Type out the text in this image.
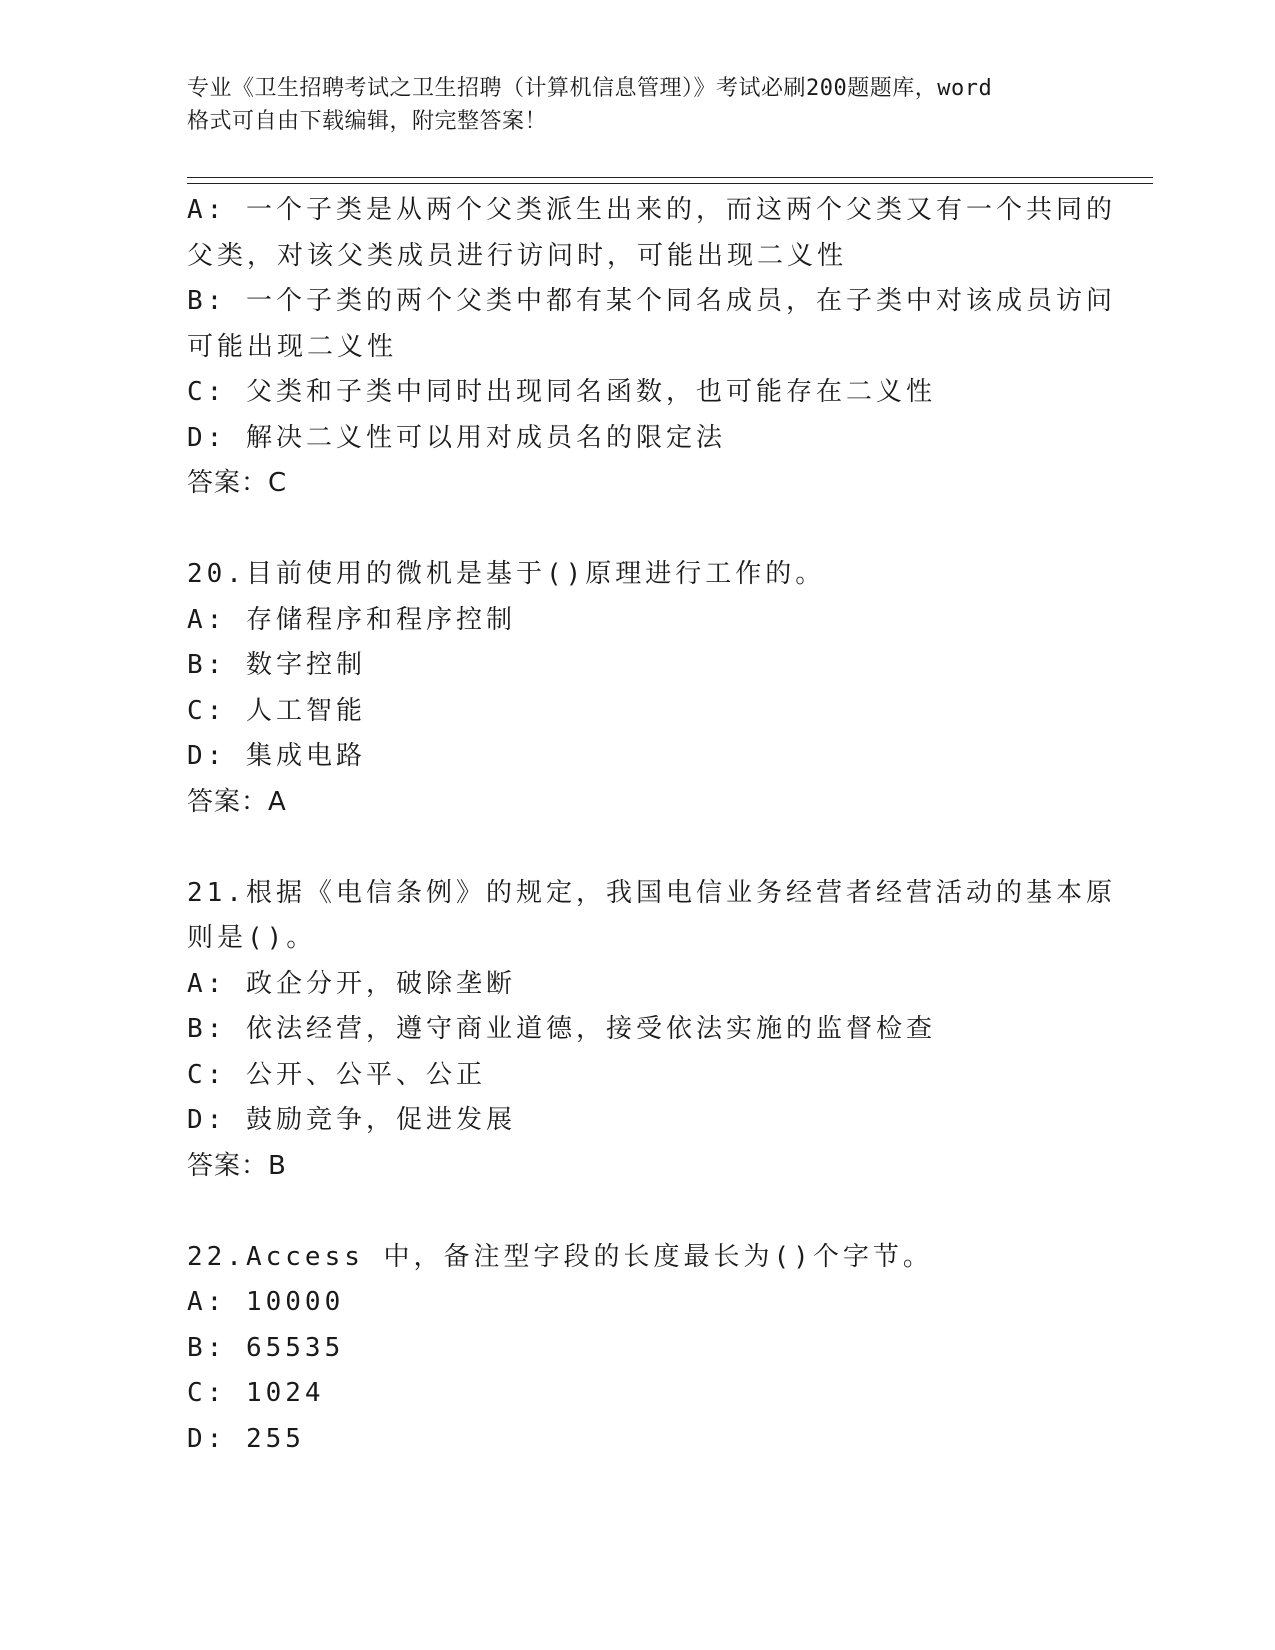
专业《卫生招聘考试之卫生招聘（计算机信息管理）》考试必刷200题题库，word
格式可自由下载编辑，附完整答案！
A: 一个子类是从两个父类派生出来的，而这两个父类又有一个共同的
父类，对该父类成员进行访问时，可能出现二义性
B: 一个子类的两个父类中都有某个同名成员，在子类中对该成员访问
可能出现二义性
C: 父类和子类中同时出现同名函数，也可能存在二义性
D: 解决二义性可以用对成员名的限定法
答案：C
20.目前使用的微机是基于()原理进行工作的。
A: 存储程序和程序控制
B: 数字控制
C: 人工智能
D: 集成电路
答案：A
21.根据《电信条例》的规定，我国电信业务经营者经营活动的基本原
则是()。
A: 政企分开，破除垄断
B: 依法经营，遵守商业道德，接受依法实施的监督检查
C: 公开、公平、公正
D: 鼓励竞争，促进发展
答案：B
22.Access 中，备注型字段的长度最长为()个字节。
A: 10000
B: 65535
C: 1024
D: 255
